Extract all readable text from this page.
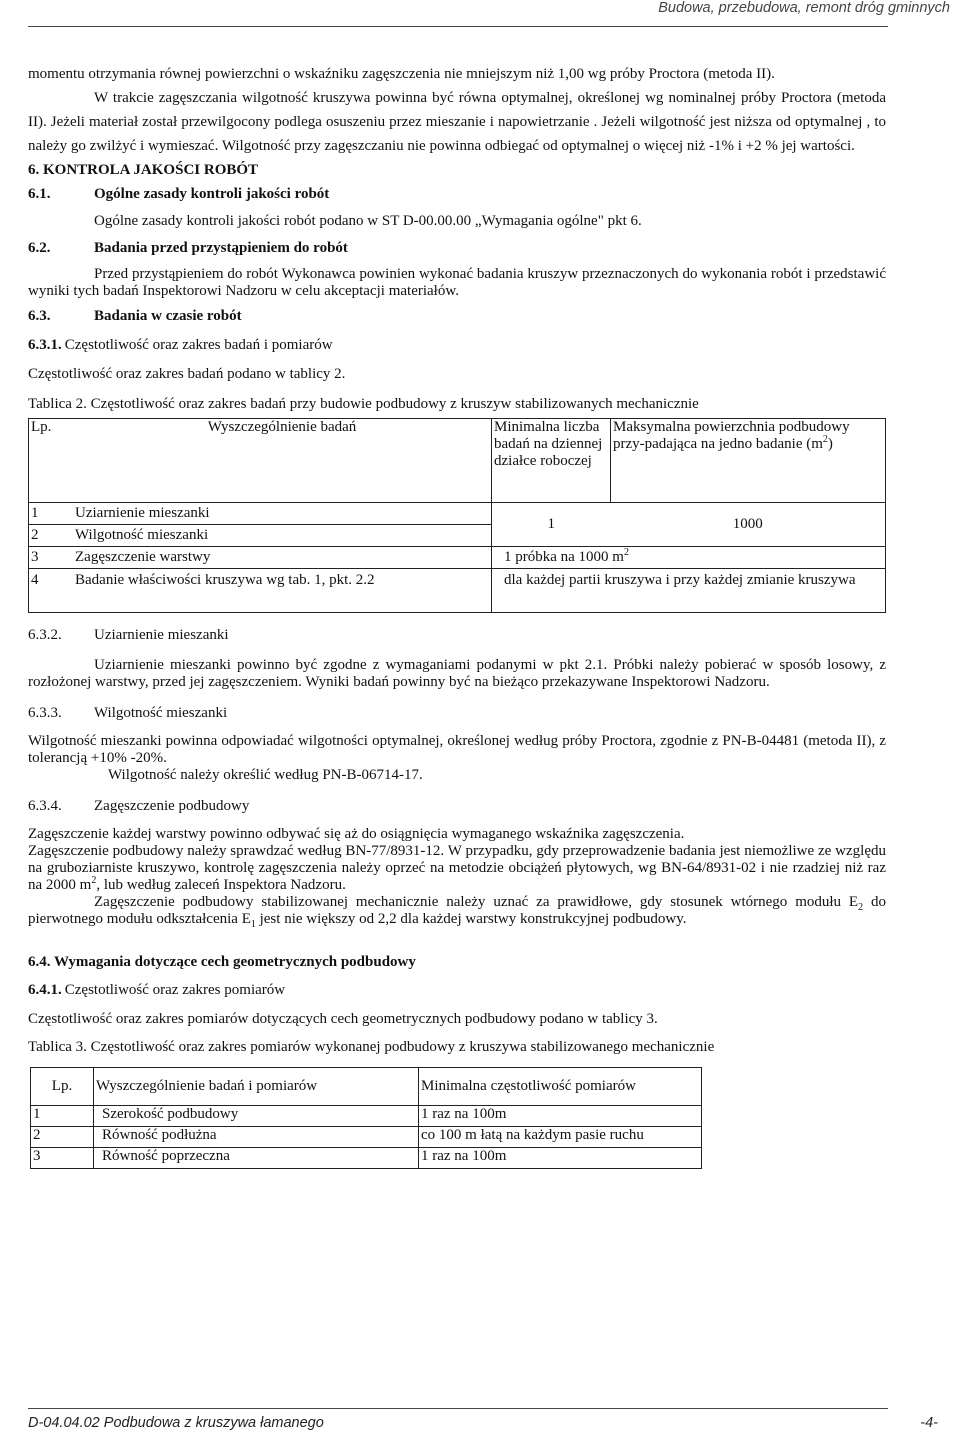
Budowa, przebudowa, remont dróg gminnych

momentu otrzymania równej powierzchni o wskaźniku zagęszczenia nie mniejszym niż 1,00 wg próby Proctora (metoda II).

W trakcie zagęszczania wilgotność kruszywa powinna być równa optymalnej, określonej wg nominalnej próby Proctora (metoda II). Jeżeli materiał został przewilgocony podlega osuszeniu przez mieszanie i napowietrzanie . Jeżeli wilgotność jest niższa od optymalnej , to należy go zwilżyć i wymieszać. Wilgotność przy zagęszczaniu nie powinna odbiegać od optymalnej o więcej niż -1% i +2 % jej wartości.

6. KONTROLA JAKOŚCI ROBÓT

6.1.	Ogólne zasady kontroli jakości robót

Ogólne zasady kontroli jakości robót podano w ST D-00.00.00 „Wymagania ogólne" pkt 6.

6.2.	Badania przed przystąpieniem do robót

Przed przystąpieniem do robót Wykonawca powinien wykonać badania kruszyw przeznaczonych do wykonania robót i przedstawić wyniki tych badań Inspektorowi Nadzoru w celu akceptacji materiałów.

6.3.	Badania w czasie robót
6.3.1. Częstotliwość oraz zakres badań i pomiarów

Częstotliwość oraz zakres badań podano w tablicy 2.

Tablica 2. Częstotliwość oraz zakres badań przy budowie podbudowy z kruszyw stabilizowanych mechanicznie

Lp.	Wyszczególnienie badań	Minimalna liczba badań na dziennej działce roboczej	Maksymalna powierzchnia podbudowy przy-padająca na jedno badanie $(m^2)$
1	Uziarnienie mieszanki	1	1000
2	Wilgotność mieszanki		
3	Zagęszczenie warstwy	1 próbka na 1000 $m^2$
4	Badanie właściwości kruszywa wg tab. 1, pkt. 2.2	dla każdej partii kruszywa i przy każdej zmianie kruszywa	
6.3.2.	Uziarnienie mieszanki

Uziarnienie mieszanki powinno być zgodne z wymaganiami podanymi w pkt 2.1. Próbki należy pobierać w sposób losowy, z rozłożonej warstwy, przed jej zagęszczeniem. Wyniki badań powinny być na bieżąco przekazywane Inspektorowi Nadzoru.

6.3.3.	Wilgotność mieszanki

Wilgotność mieszanki powinna odpowiadać wilgotności optymalnej, określonej według próby Proctora, zgodnie z PN-B-04481 (metoda II), z tolerancją +10% -20%.

Wilgotność należy określić według PN-B-06714-17.

6.3.4.	Zagęszczenie podbudowy

Zagęszczenie każdej warstwy powinno odbywać się aż do osiągnięcia wymaganego wskaźnika zagęszczenia.

Zagęszczenie podbudowy należy sprawdzać według BN-77/8931-12. W przypadku, gdy przeprowadzenie badania jest niemożliwe ze względu na gruboziarniste kruszywo, kontrolę zagęszczenia należy oprzeć na metodzie obciążeń płytowych, wg BN-64/8931-02 i nie rzadziej niż raz na 2000 $m^2$, lub według zaleceń Inspektora Nadzoru.

Zagęszczenie podbudowy stabilizowanej mechanicznie należy uznać za prawidłowe, gdy stosunek wtórnego modułu $E_2$ do pierwotnego modułu odkształcenia $E_1$ jest nie większy od 2,2 dla każdej warstwy konstrukcyjnej podbudowy.

6.4. Wymagania dotyczące cech geometrycznych podbudowy

6.4.1. Częstotliwość oraz zakres pomiarów

Częstotliwość oraz zakres pomiarów dotyczących cech geometrycznych podbudowy podano w tablicy 3.

Tablica 3. Częstotliwość oraz zakres pomiarów wykonanej podbudowy z kruszywa stabilizowanego mechanicznie

Lp.	Wyszczególnienie badań i pomiarów	Minimalna częstotliwość pomiarów
1	Szerokość podbudowy	1 raz na 100m
2	Równość podłużna	co 100 m łatą na każdym pasie ruchu
3	Równość poprzeczna	1 raz na 100m
D-04.04.02 Podbudowa z kruszywa łamanego	-4-
